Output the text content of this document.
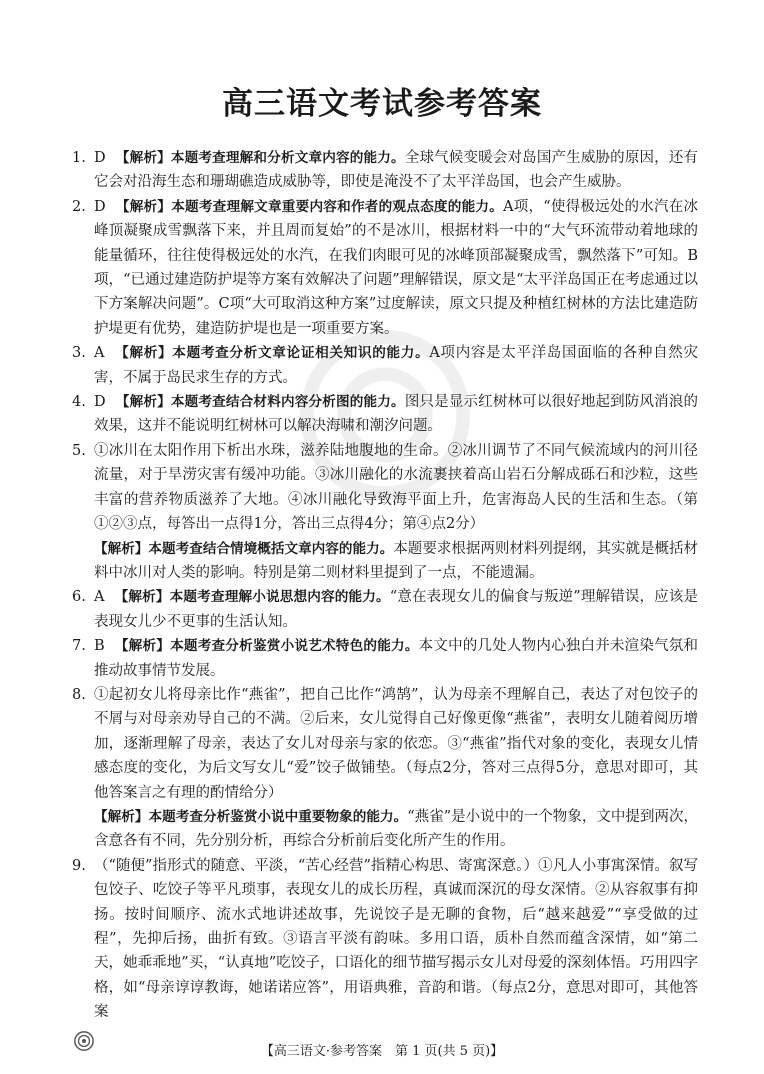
高三语文考试参考答案
1. D 【解析】本题考查理解和分析文章内容的能力。全球气候变暖会对岛国产生威胁的原因，还有它会对沿海生态和珊瑚礁造成威胁等，即使是淹没不了太平洋岛国，也会产生威胁。
2. D 【解析】本题考查理解文章重要内容和作者的观点态度的能力。A项，“使得极远处的水汽在冰峰顶凝聚成雪飘落下来，并且周而复始”的不是冰川，根据材料一中的“大气环流带动着地球的能量循环，往往使得极远处的水汽，在我们肉眼可见的冰峰顶部凝聚成雪，飘然落下”可知。B项，“已通过建造防护堤等方案有效解决了问题”理解错误，原文是“太平洋岛国正在考虑通过以下方案解决问题”。C项“大可取消这种方案”过度解读，原文只提及种植红树林的方法比建造防护堤更有优势，建造防护堤也是一项重要方案。
3. A 【解析】本题考查分析文章论证相关知识的能力。A项内容是太平洋岛国面临的各种自然灾害，不属于岛民求生存的方式。
4. D 【解析】本题考查结合材料内容分析图的能力。图只是显示红树林可以很好地起到防风消浪的效果，这并不能说明红树林可以解决海啸和潮汐问题。
5. ①冰川在太阳作用下析出水珠，滋养陆地腹地的生命。②冰川调节了不同气候流域内的河川径流量，对于旱涝灾害有缓冲功能。③冰川融化的水流裹挟着高山岩石分解成砾石和沙粒，这些丰富的营养物质滋养了大地。④冰川融化导致海平面上升，危害海岛人民的生活和生态。（第①②③点，每答出一点得1分，答出三点得4分；第④点2分）
【解析】本题考查结合情境概括文章内容的能力。本题要求根据两则材料列提纲，其实就是概括材料中冰川对人类的影响。特别是第二则材料里提到了一点，不能遗漏。
6. A 【解析】本题考查理解小说思想内容的能力。“意在表现女儿的偏食与叛逆”理解错误，应该是表现女儿少不更事的生活认知。
7. B 【解析】本题考查分析鉴赏小说艺术特色的能力。本文中的几处人物内心独白并未渲染气氛和推动故事情节发展。
8. ①起初女儿将母亲比作“燕雀”，把自己比作“鸿鹄”，认为母亲不理解自己，表达了对包饺子的不屑与对母亲劝导自己的不满。②后来，女儿觉得自己好像更像“燕雀”，表明女儿随着阅历增加，逐渐理解了母亲，表达了女儿对母亲与家的依恋。③“燕雀”指代对象的变化，表现女儿情感态度的变化，为后文写女儿“爱”饺子做铺垫。（每点2分，答对三点得5分，意思对即可，其他答案言之有理的酌情给分）
【解析】本题考查分析鉴赏小说中重要物象的能力。“燕雀”是小说中的一个物象，文中提到两次，含意各有不同，先分别分析，再综合分析前后变化所产生的作用。
9. （“随便”指形式的随意、平淡，“苦心经营”指精心构思、寄寓深意。）①凡人小事寓深情。叙写包饺子、吃饺子等平凡琐事，表现女儿的成长历程，真诚而深沉的母女深情。②从容叙事有抑扬。按时间顺序、流水式地讲述故事，先说饺子是无聊的食物，后“越来越爱”“享受做的过程”，先抑后扬，曲折有致。③语言平淡有韵味。多用口语，质朴自然而蕴含深情，如“第二天，她乖乖地”买，“认真地”吃饺子，口语化的细节描写揭示女儿对母爱的深刻体悟。巧用四字格，如“母亲谆谆教诲，她诺诺应答”，用语典雅，音韵和谐。（每点2分，意思对即可，其他答案
【高三语文·参考答案　第 1 页(共 5 页)】
